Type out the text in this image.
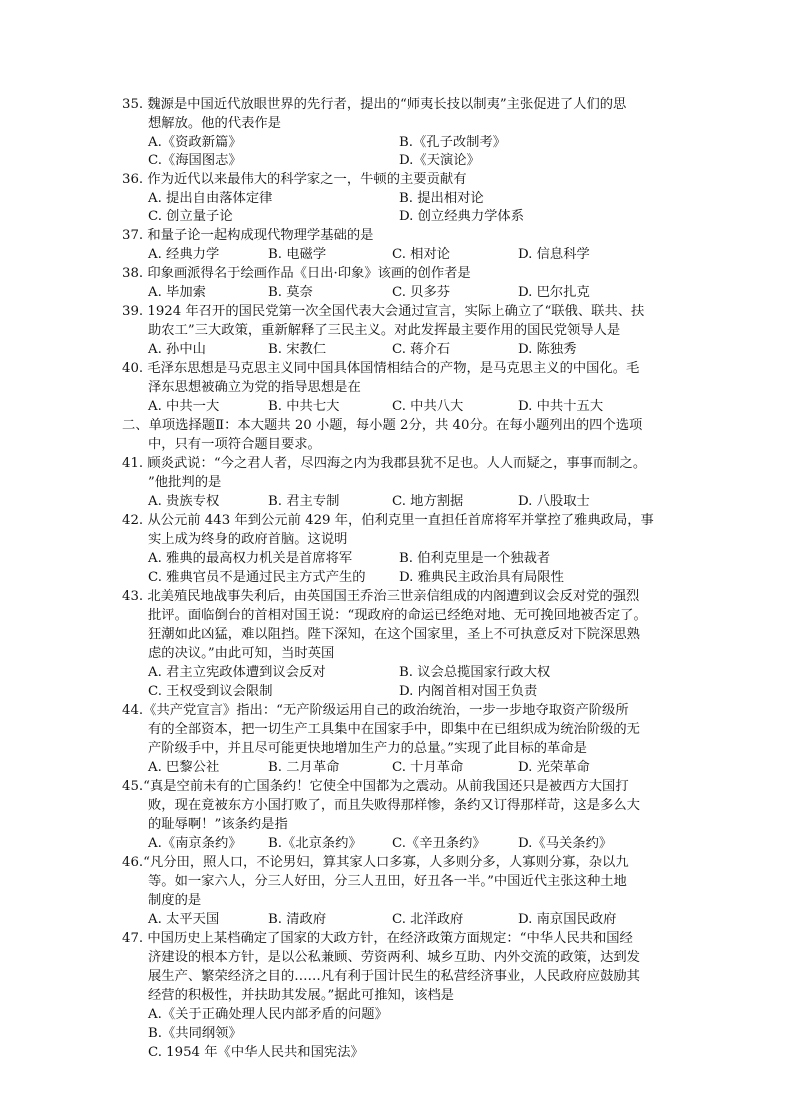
35. 魏源是中国近代放眼世界的先行者，提出的“师夷长技以制夷”主张促进了人们的思
想解放。他的代表作是
A.《资政新篇》	B.《孔子改制考》
C.《海国图志》	D.《天演论》
36. 作为近代以来最伟大的科学家之一，牛顿的主要贡献有
A. 提出自由落体定律	B. 提出相对论
C. 创立量子论	D. 创立经典力学体系
37. 和量子论一起构成现代物理学基础的是
A. 经典力学	B. 电磁学	C. 相对论	D. 信息科学
38. 印象画派得名于绘画作品《日出·印象》该画的创作者是
A. 毕加索	B. 莫奈	C. 贝多芬	D. 巴尔扎克
39. 1924 年召开的国民党第一次全国代表大会通过宣言，实际上确立了“联俄、联共、扶
助农工”三大政策，重新解释了三民主义。对此发挥最主要作用的国民党领导人是
A. 孙中山	B. 宋教仁	C. 蒋介石	D. 陈独秀
40. 毛泽东思想是马克思主义同中国具体国情相结合的产物，是马克思主义的中国化。毛
泽东思想被确立为党的指导思想是在
A. 中共一大	B. 中共七大	C. 中共八大	D. 中共十五大
二、单项选择题Ⅱ：本大题共 20 小题，每小题 2分，共 40分。在每小题列出的四个选项
中，只有一项符合题目要求。
41. 顾炎武说：“今之君人者，尽四海之内为我郡县犹不足也。人人而疑之，事事而制之。
”他批判的是
A. 贵族专权	B. 君主专制	C. 地方割据	D. 八股取士
42. 从公元前 443 年到公元前 429 年，伯利克里一直担任首席将军并掌控了雅典政局，事
实上成为终身的政府首脑。这说明
A. 雅典的最高权力机关是首席将军	B. 伯利克里是一个独裁者
C. 雅典官员不是通过民主方式产生的	D. 雅典民主政治具有局限性
43. 北美殖民地战事失利后，由英国国王乔治三世亲信组成的内阁遭到议会反对党的强烈
批评。面临倒台的首相对国王说：“现政府的命运已经绝对地、无可挽回地被否定了。
狂潮如此凶猛，难以阻挡。陛下深知，在这个国家里，圣上不可执意反对下院深思熟
虑的决议。”由此可知，当时英国
A. 君主立宪政体遭到议会反对	B. 议会总揽国家行政大权
C. 王权受到议会限制	D. 内阁首相对国王负责
44.《共产党宣言》指出：“无产阶级运用自己的政治统治，一步一步地夺取资产阶级所
有的全部资本，把一切生产工具集中在国家手中，即集中在已组织成为统治阶级的无
产阶级手中，并且尽可能更快地增加生产力的总量。”实现了此目标的革命是
A. 巴黎公社	B. 二月革命	C. 十月革命	D. 光荣革命
45.“真是空前未有的亡国条约！它使全中国都为之震动。从前我国还只是被西方大国打
败，现在竟被东方小国打败了，而且失败得那样惨，条约又订得那样苛，这是多么大
的耻辱啊！”该条约是指
A.《南京条约》 B.《北京条约》 C.《辛丑条约》 D.《马关条约》
46.“凡分田，照人口，不论男妇，算其家人口多寡，人多则分多，人寡则分寡，杂以九
等。如一家六人，分三人好田，分三人丑田，好丑各一半。”中国近代主张这种土地
制度的是
A. 太平天国	B. 清政府	C. 北洋政府	D. 南京国民政府
47. 中国历史上某档确定了国家的大政方针，在经济政策方面规定：“中华人民共和国经
济建设的根本方针，是以公私兼顾、劳资两利、城乡互助、内外交流的政策，达到发
展生产、繁荣经济之目的……凡有利于国计民生的私营经济事业，人民政府应鼓励其
经营的积极性，并扶助其发展。”据此可推知，该档是
A.《关于正确处理人民内部矛盾的问题》
B.《共同纲领》
C. 1954 年《中华人民共和国宪法》
